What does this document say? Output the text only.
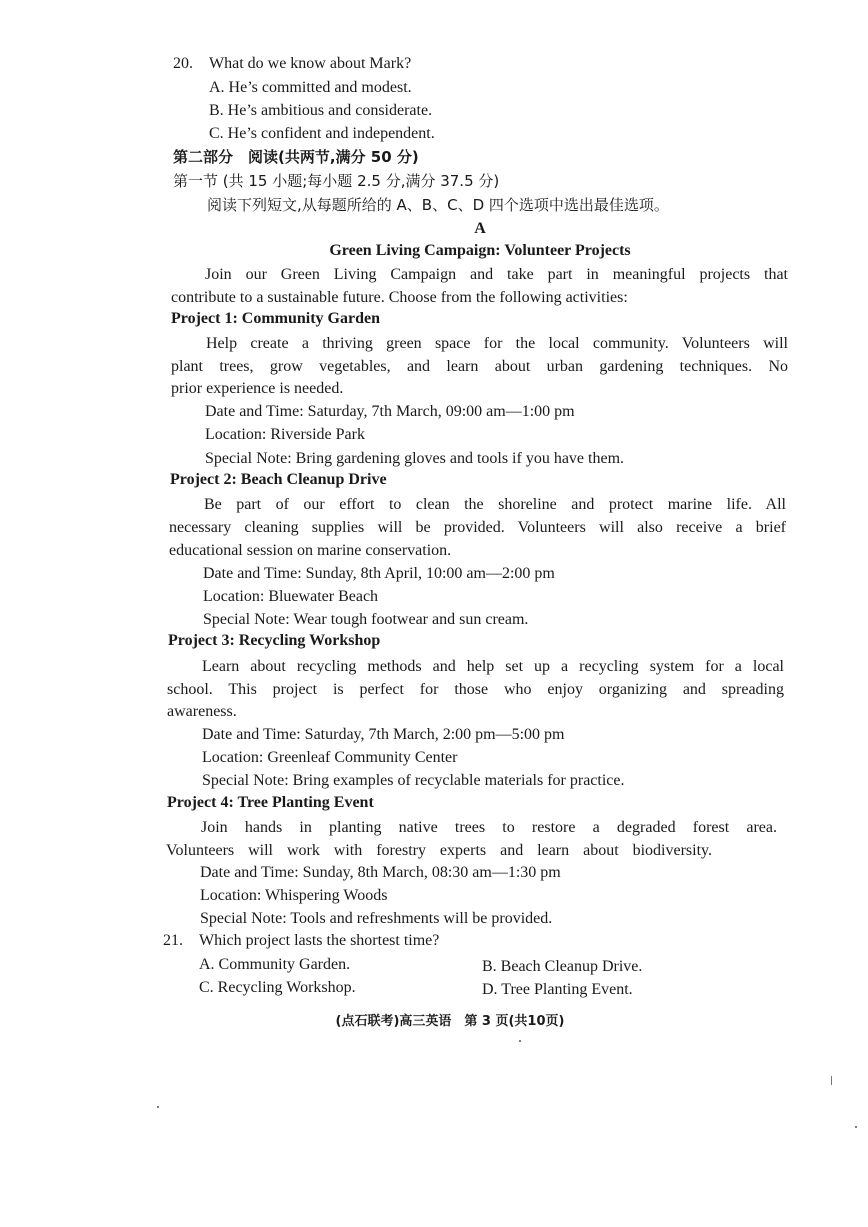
20. What do we know about Mark?
A. He’s committed and modest.
B. He’s ambitious and considerate.
C. He’s confident and independent.
第二部分　阅读(共两节,满分 50 分)
第一节 (共 15 小题;每小题 2.5 分,满分 37.5 分)
阅读下列短文,从每题所给的 A、B、C、D 四个选项中选出最佳选项。
A
Green Living Campaign: Volunteer Projects
Join our Green Living Campaign and take part in meaningful projects that
contribute to a sustainable future. Choose from the following activities:
Project 1: Community Garden
Help create a thriving green space for the local community. Volunteers will
plant trees, grow vegetables, and learn about urban gardening techniques. No
prior experience is needed.
Date and Time: Saturday, 7th March, 09:00 am—1:00 pm
Location: Riverside Park
Special Note: Bring gardening gloves and tools if you have them.
Project 2: Beach Cleanup Drive
Be part of our effort to clean the shoreline and protect marine life. All
necessary cleaning supplies will be provided. Volunteers will also receive a brief
educational session on marine conservation.
Date and Time: Sunday, 8th April, 10:00 am—2:00 pm
Location: Bluewater Beach
Special Note: Wear tough footwear and sun cream.
Project 3: Recycling Workshop
Learn about recycling methods and help set up a recycling system for a local
school. This project is perfect for those who enjoy organizing and spreading
awareness.
Date and Time: Saturday, 7th March, 2:00 pm—5:00 pm
Location: Greenleaf Community Center
Special Note: Bring examples of recyclable materials for practice.
Project 4: Tree Planting Event
Join hands in planting native trees to restore a degraded forest area.
Volunteers will work with forestry experts and learn about biodiversity.
Date and Time: Sunday, 8th March, 08:30 am—1:30 pm
Location: Whispering Woods
Special Note: Tools and refreshments will be provided.
21. Which project lasts the shortest time?
A. Community Garden.	B. Beach Cleanup Drive.
C. Recycling Workshop.	D. Tree Planting Event.
(点石联考)高三英语　第 3 页(共10页)
